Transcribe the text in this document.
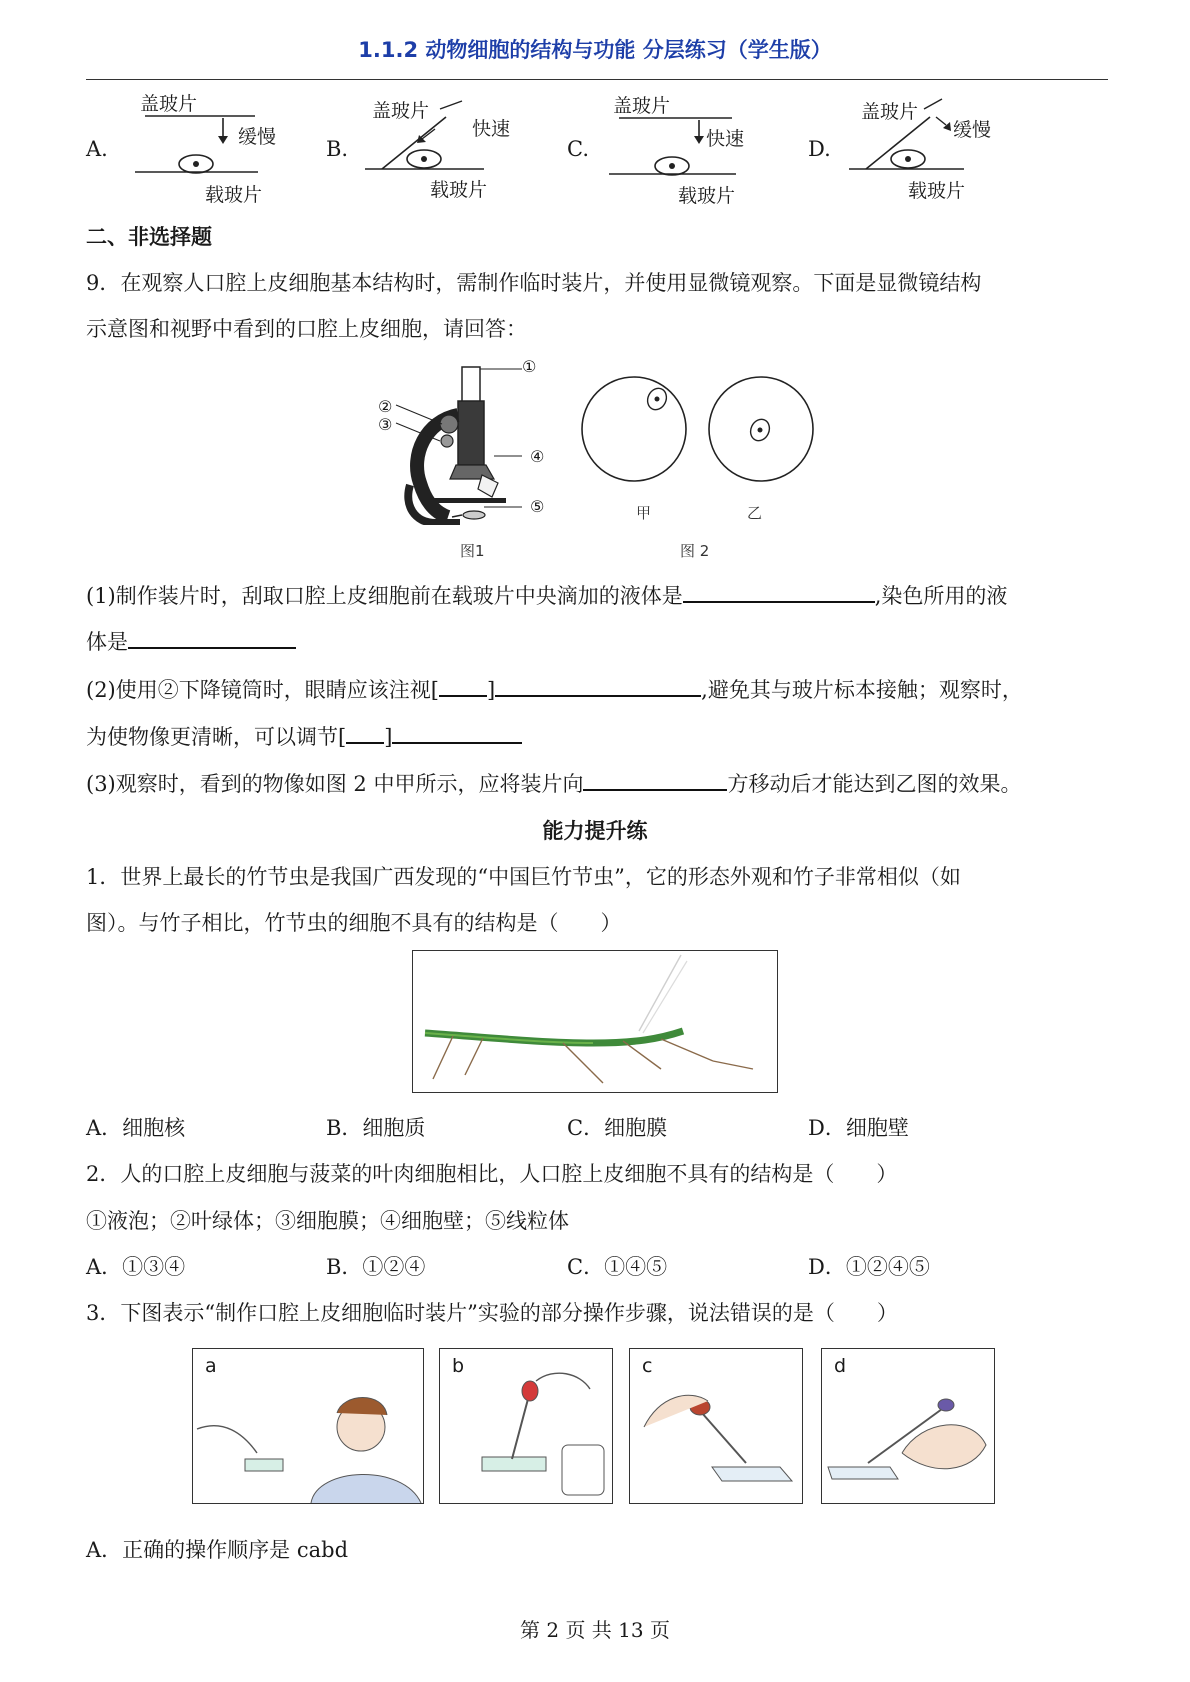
1.1.2 动物细胞的结构与功能 分层练习（学生版）
A.	B.	C.	D.
盖玻片
缓慢
载玻片
盖玻片
快速
载玻片
盖玻片
快速
载玻片
盖玻片
缓慢
载玻片
二、非选择题
9．在观察人口腔上皮细胞基本结构时，需制作临时装片，并使用显微镜观察。下面是显微镜结构
示意图和视野中看到的口腔上皮细胞，请回答：
①
②
③
④
⑤
图1
甲	乙
图 2
(1)制作装片时，刮取口腔上皮细胞前在载玻片中央滴加的液体是	,染色所用的液
体是
(2)使用②下降镜筒时，眼睛应该注视[ ]	,避免其与玻片标本接触；观察时，
为使物像更清晰，可以调节[ ]
(3)观察时，看到的物像如图 2 中甲所示，应将装片向	方移动后才能达到乙图的效果。
能力提升练
1．世界上最长的竹节虫是我国广西发现的“中国巨竹节虫”，它的形态外观和竹子非常相似（如
图）。与竹子相比，竹节虫的细胞不具有的结构是（　　）
A．细胞核	B．细胞质	C．细胞膜	D．细胞壁
2．人的口腔上皮细胞与菠菜的叶肉细胞相比，人口腔上皮细胞不具有的结构是（　　）
①液泡；②叶绿体；③细胞膜；④细胞壁；⑤线粒体
A．①③④	B．①②④	C．①④⑤	D．①②④⑤
3．下图表示“制作口腔上皮细胞临时装片”实验的部分操作步骤，说法错误的是（　　）
a	b	c	d
A．正确的操作顺序是 cabd
第 2 页 共 13 页
